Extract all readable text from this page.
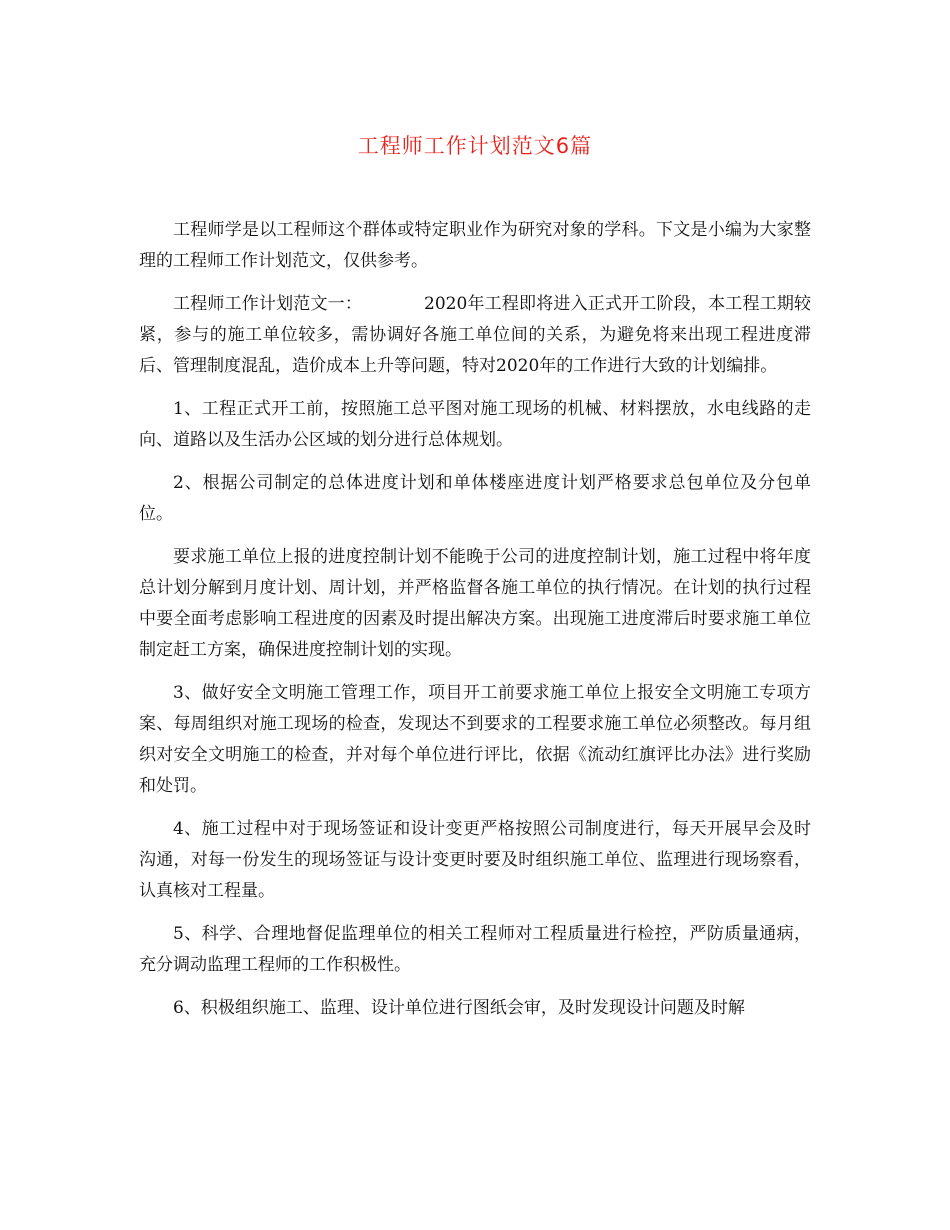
工程师工作计划范文6篇

工程师学是以工程师这个群体或特定职业作为研究对象的学科。下文是小编为大家整理的工程师工作计划范文，仅供参考。

工程师工作计划范文一：	2020年工程即将进入正式开工阶段，本工程工期较紧，参与的施工单位较多，需协调好各施工单位间的关系，为避免将来出现工程进度滞后、管理制度混乱，造价成本上升等问题，特对2020年的工作进行大致的计划编排。

1、工程正式开工前，按照施工总平图对施工现场的机械、材料摆放，水电线路的走向、道路以及生活办公区域的划分进行总体规划。

2、根据公司制定的总体进度计划和单体楼座进度计划严格要求总包单位及分包单位。

要求施工单位上报的进度控制计划不能晚于公司的进度控制计划，施工过程中将年度总计划分解到月度计划、周计划，并严格监督各施工单位的执行情况。在计划的执行过程中要全面考虑影响工程进度的因素及时提出解决方案。出现施工进度滞后时要求施工单位制定赶工方案，确保进度控制计划的实现。

3、做好安全文明施工管理工作，项目开工前要求施工单位上报安全文明施工专项方案、每周组织对施工现场的检查，发现达不到要求的工程要求施工单位必须整改。每月组织对安全文明施工的检查，并对每个单位进行评比，依据《流动红旗评比办法》进行奖励和处罚。

4、施工过程中对于现场签证和设计变更严格按照公司制度进行，每天开展早会及时沟通，对每一份发生的现场签证与设计变更时要及时组织施工单位、监理进行现场察看，认真核对工程量。

5、科学、合理地督促监理单位的相关工程师对工程质量进行检控，严防质量通病，充分调动监理工程师的工作积极性。

6、积极组织施工、监理、设计单位进行图纸会审，及时发现设计问题及时解
